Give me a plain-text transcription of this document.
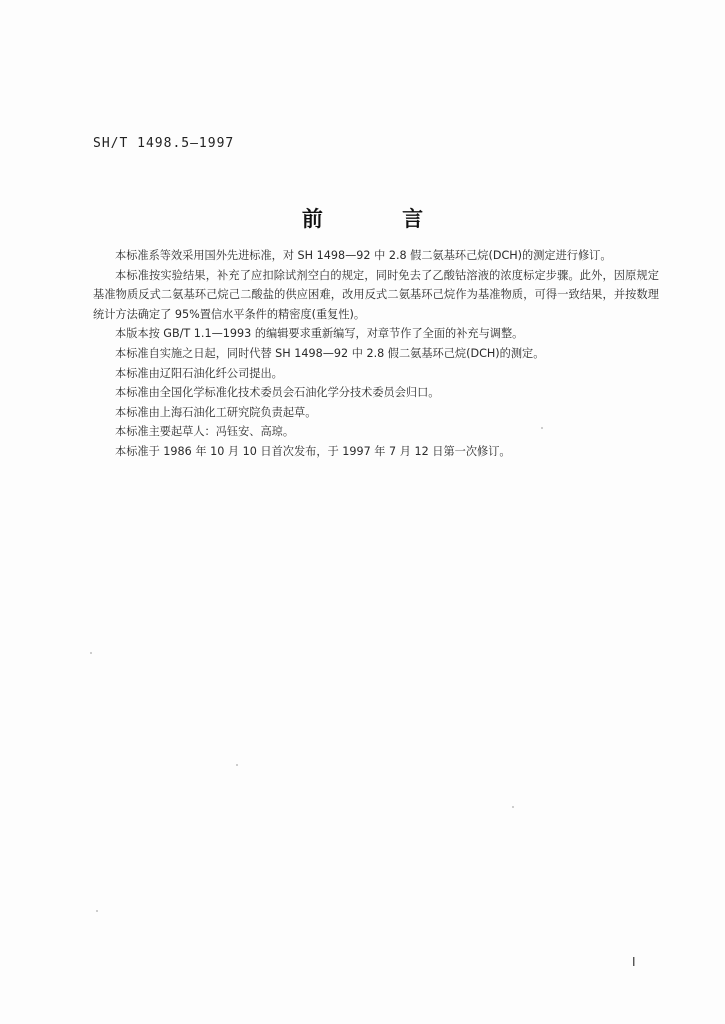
SH/T 1498.5—1997
前 言

本标准系等效采用国外先进标准，对 SH 1498—92 中 2.8 假二氨基环己烷(DCH)的测定进行修订。

本标准按实验结果，补充了应扣除试剂空白的规定，同时免去了乙酸钴溶液的浓度标定步骤。此外，因原规定基准物质反式二氨基环己烷己二酸盐的供应困难，改用反式二氨基环己烷作为基准物质，可得一致结果，并按数理统计方法确定了 95%置信水平条件的精密度(重复性)。

本版本按 GB/T 1.1—1993 的编辑要求重新编写，对章节作了全面的补充与调整。

本标准自实施之日起，同时代替 SH 1498—92 中 2.8 假二氨基环己烷(DCH)的测定。

本标准由辽阳石油化纤公司提出。

本标准由全国化学标准化技术委员会石油化学分技术委员会归口。

本标准由上海石油化工研究院负责起草。

本标准主要起草人：冯钰安、高琼。

本标准于 1986 年 10 月 10 日首次发布，于 1997 年 7 月 12 日第一次修订。

I
